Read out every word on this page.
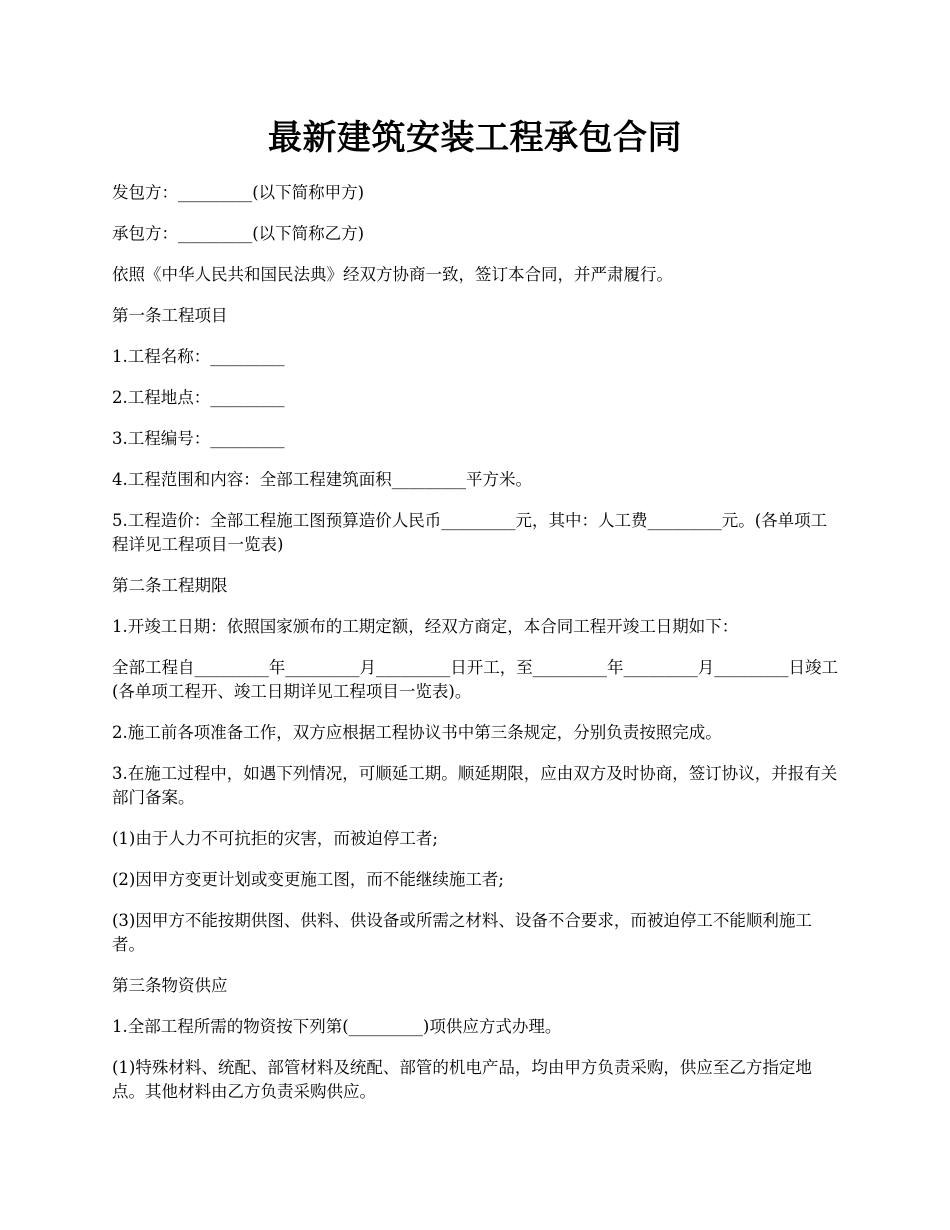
最新建筑安装工程承包合同

发包方：_________(以下简称甲方)

承包方：_________(以下简称乙方)

依照《中华人民共和国民法典》经双方协商一致，签订本合同，并严肃履行。

第一条工程项目

1.工程名称：_________

2.工程地点：_________

3.工程编号：_________

4.工程范围和内容：全部工程建筑面积_________平方米。

5.工程造价：全部工程施工图预算造价人民币_________元，其中：人工费_________元。(各单项工程详见工程项目一览表)

第二条工程期限

1.开竣工日期：依照国家颁布的工期定额，经双方商定，本合同工程开竣工日期如下：

全部工程自_________年_________月_________日开工，至_________年_________月_________日竣工(各单项工程开、竣工日期详见工程项目一览表)。

2.施工前各项准备工作，双方应根据工程协议书中第三条规定，分别负责按照完成。

3.在施工过程中，如遇下列情况，可顺延工期。顺延期限，应由双方及时协商，签订协议，并报有关部门备案。

(1)由于人力不可抗拒的灾害，而被迫停工者;

(2)因甲方变更计划或变更施工图，而不能继续施工者;

(3)因甲方不能按期供图、供料、供设备或所需之材料、设备不合要求，而被迫停工不能顺利施工者。

第三条物资供应

1.全部工程所需的物资按下列第(_________)项供应方式办理。

(1)特殊材料、统配、部管材料及统配、部管的机电产品，均由甲方负责采购，供应至乙方指定地点。其他材料由乙方负责采购供应。
